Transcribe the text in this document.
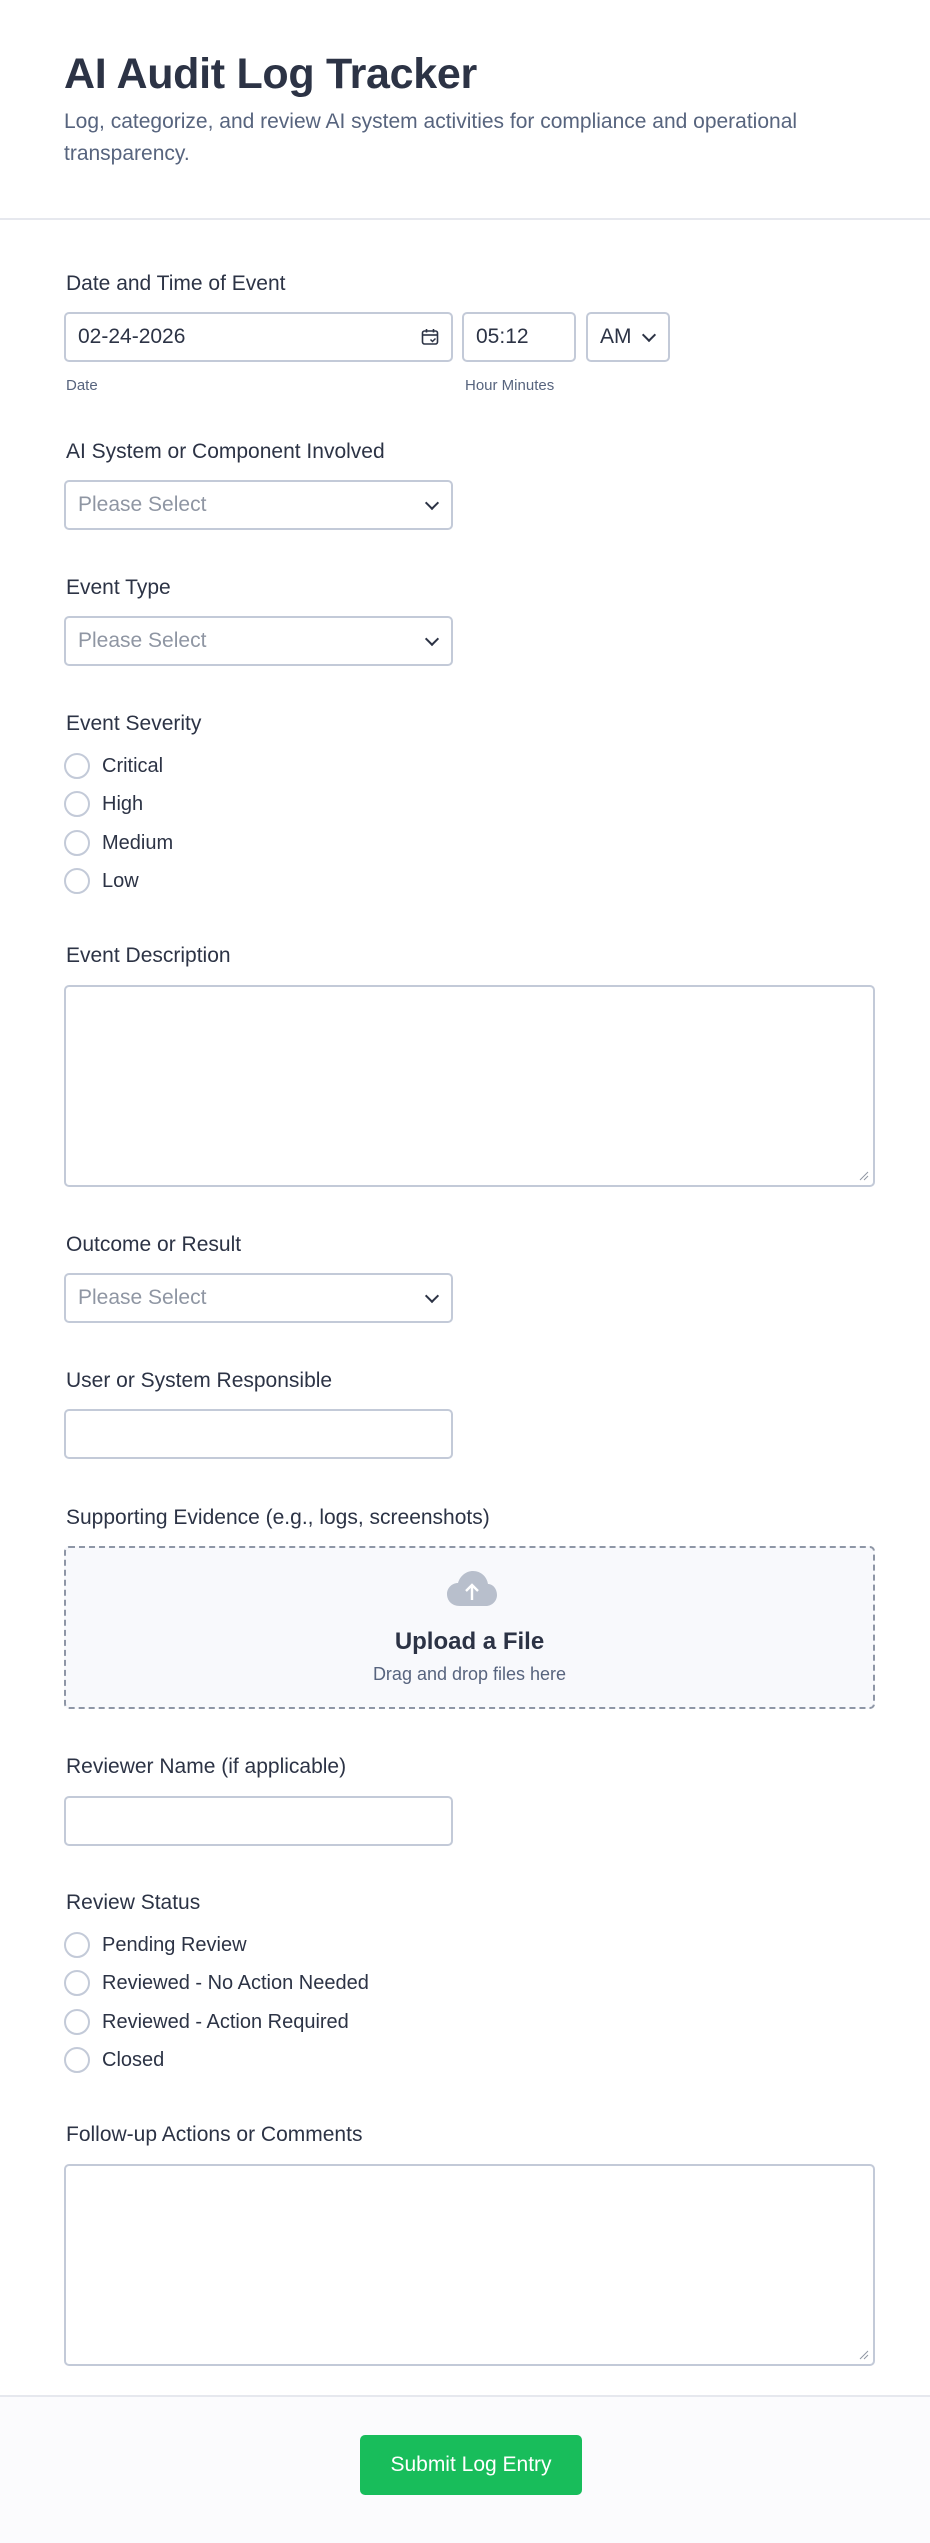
AI Audit Log Tracker
Log, categorize, and review AI system activities for compliance and operational transparency.
Date and Time of Event
02-24-2026
Date
05:12
Hour Minutes
AM
AI System or Component Involved
Please Select
Event Type
Please Select
Event Severity
Critical
High
Medium
Low
Event Description
Outcome or Result
Please Select
User or System Responsible
Supporting Evidence (e.g., logs, screenshots)
Upload a File
Drag and drop files here
Reviewer Name (if applicable)
Review Status
Pending Review
Reviewed - No Action Needed
Reviewed - Action Required
Closed
Follow-up Actions or Comments
Submit Log Entry
